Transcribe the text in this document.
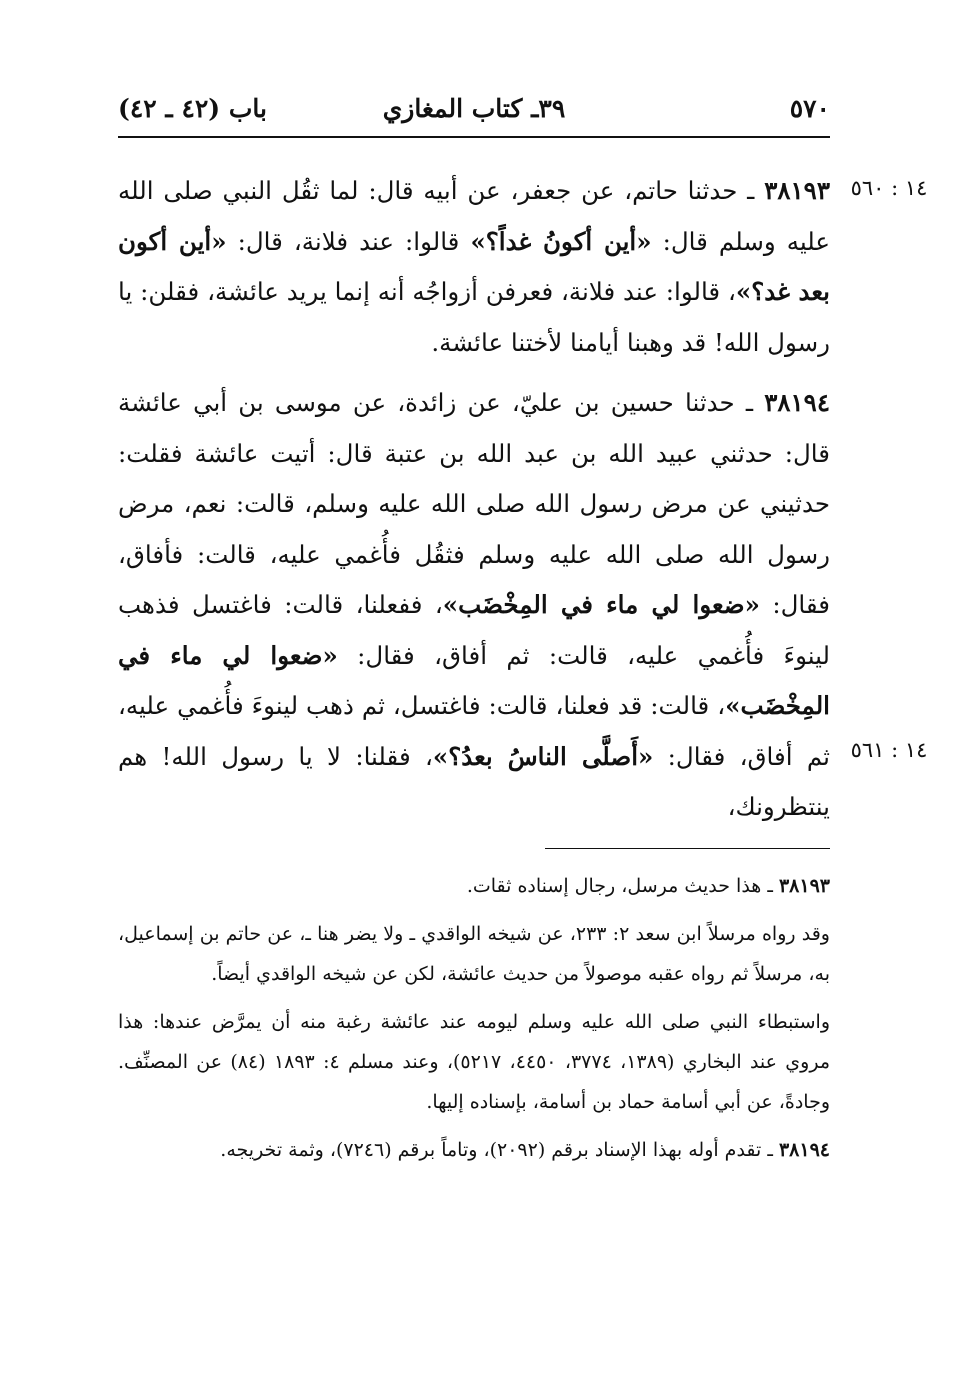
٥٧٠
٣٩ـ كتاب المغازي
باب (٤٢ ـ ٤٢)
١٤ : ٥٦٠
١٤ : ٥٦١

٣٨١٩٣ ـ حدثنا حاتم، عن جعفر، عن أبيه قال: لما ثقُل النبي صلى الله عليه وسلم قال: «أين أكونُ غداً؟» قالوا: عند فلانة، قال: «أين أكون بعد غد؟»، قالوا: عند فلانة، فعرفن أزواجُه أنه إنما يريد عائشة، فقلن: يا رسول الله! قد وهبنا أيامنا لأختنا عائشة.

٣٨١٩٤ ـ حدثنا حسين بن عليّ، عن زائدة، عن موسى بن أبي عائشة قال: حدثني عبيد الله بن عبد الله بن عتبة قال: أتيت عائشة فقلت: حدثيني عن مرض رسول الله صلى الله عليه وسلم، قالت: نعم، مرض رسول الله صلى الله عليه وسلم فثقُل فأُغمي عليه، قالت: فأفاق، فقال: «ضعوا لي ماء في المِخْضَب»، ففعلنا، قالت: فاغتسل فذهب لينوءَ فأُغمي عليه، قالت: ثم أفاق، فقال: «ضعوا لي ماء في المِخْضَب»، قالت: قد فعلنا، قالت: فاغتسل، ثم ذهب لينوءَ فأُغمي عليه، ثم أفاق، فقال: «أَصلَّى الناسُ بعدُ؟»، فقلنا: لا يا رسول الله! هم ينتظرونك،

٣٨١٩٣ ـ هذا حديث مرسل، رجال إسناده ثقات.

وقد رواه مرسلاً ابن سعد ٢: ٢٣٣، عن شيخه الواقدي ـ ولا يضر هنا ـ، عن حاتم بن إسماعيل، به، مرسلاً ثم رواه عقبه موصولاً من حديث عائشة، لكن عن شيخه الواقدي أيضاً.

واستبطاء النبي صلى الله عليه وسلم ليومه عند عائشة رغبة منه أن يمرَّض عندها: هذا مروي عند البخاري (١٣٨٩، ٣٧٧٤، ٤٤٥٠، ٥٢١٧)، وعند مسلم ٤: ١٨٩٣ (٨٤) عن المصنِّف. وجادةً، عن أبي أسامة حماد بن أسامة، بإسناده إليها.

٣٨١٩٤ ـ تقدم أوله بهذا الإسناد برقم (٢٠٩٢)، وتاماً برقم (٧٢٤٦)، وثمة تخريجه.
